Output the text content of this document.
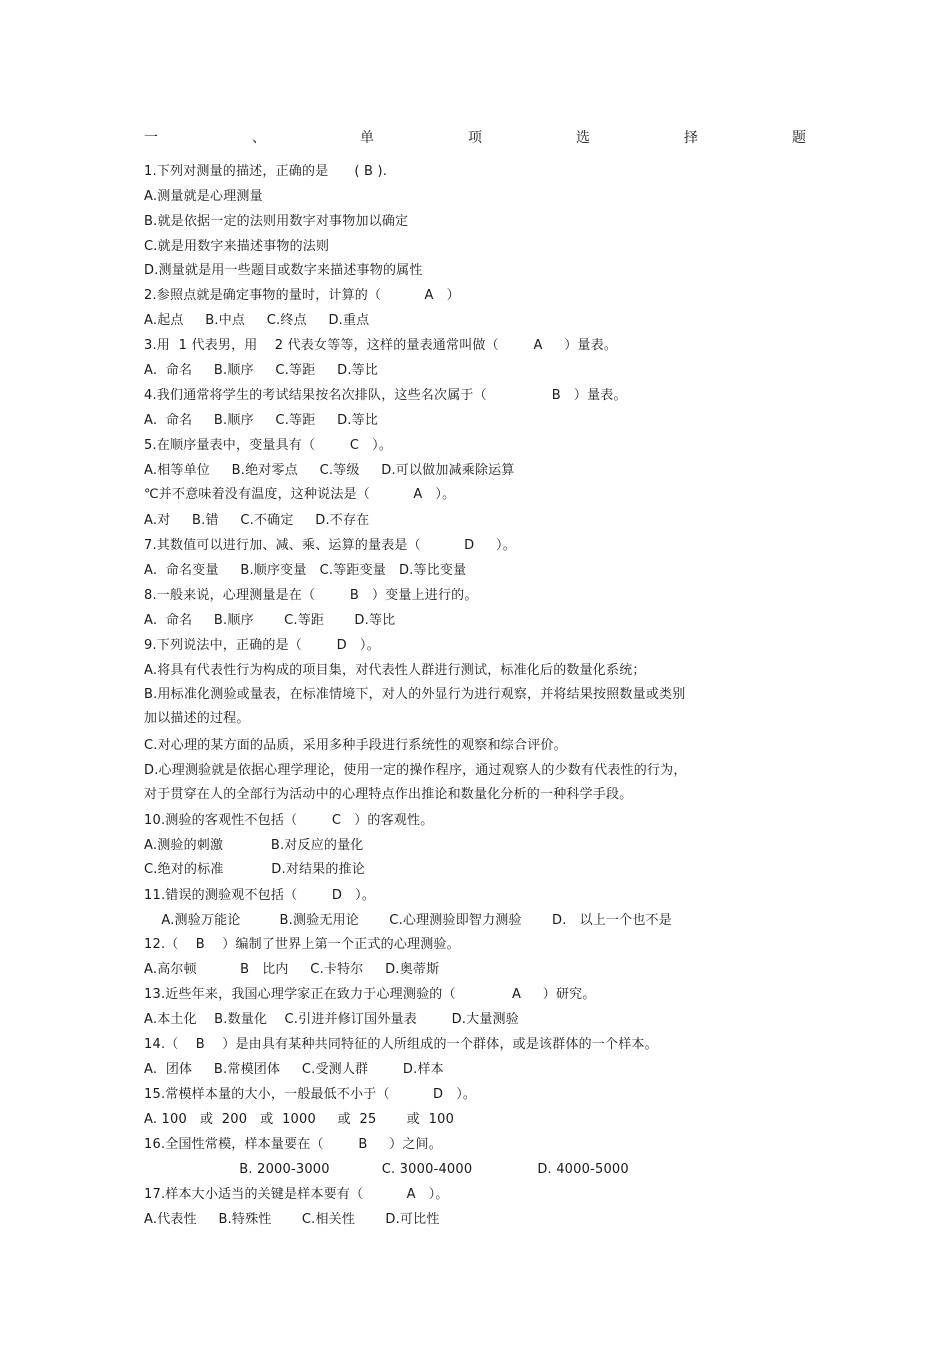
一	、	单	项	选	择	题
1.下列对测量的描述，正确的是      ( B ).
A.测量就是心理测量
B.就是依据一定的法则用数字对事物加以确定
C.就是用数字来描述事物的法则
D.测量就是用一些题目或数字来描述事物的属性
2.参照点就是确定事物的量时，计算的（          A   ）
A.起点     B.中点     C.终点     D.重点
3.用  1 代表男，用    2 代表女等等，这样的量表通常叫做（        A     ）量表。
A.  命名     B.顺序     C.等距     D.等比
4.我们通常将学生的考试结果按名次排队，这些名次属于（               B   ）量表。
A.  命名     B.顺序     C.等距     D.等比
5.在顺序量表中，变量具有（        C   ）。
A.相等单位     B.绝对零点     C.等级     D.可以做加减乘除运算
℃并不意味着没有温度，这种说法是（          A   ）。
A.对     B.错     C.不确定     D.不存在
7.其数值可以进行加、减、乘、运算的量表是（          D     ）。
A.  命名变量     B.顺序变量   C.等距变量   D.等比变量
8.一般来说，心理测量是在（        B   ）变量上进行的。
A.  命名     B.顺序       C.等距       D.等比
9.下列说法中，正确的是（        D   ）。
A.将具有代表性行为构成的项目集，对代表性人群进行测试，标准化后的数量化系统；
B.用标准化测验或量表，在标准情境下，对人的外显行为进行观察，并将结果按照数量或类别
加以描述的过程。
C.对心理的某方面的品质，采用多种手段进行系统性的观察和综合评价。
D.心理测验就是依据心理学理论，使用一定的操作程序，通过观察人的少数有代表性的行为，
对于贯穿在人的全部行为活动中的心理特点作出推论和数量化分析的一种科学手段。
10.测验的客观性不包括（        C   ）的客观性。
A.测验的刺激           B.对反应的量化
C.绝对的标准           D.对结果的推论
11.错误的测验观不包括（        D   ）。
A.测验万能论         B.测验无用论       C.心理测验即智力测验       D.   以上一个也不是
12.（    B    ）编制了世界上第一个正式的心理测验。
A.高尔顿          B   比内     C.卡特尔     D.奥蒂斯
13.近些年来，我国心理学家正在致力于心理测验的（             A     ）研究。
A.本土化    B.数量化    C.引进并修订国外量表        D.大量测验
14.（    B    ）是由具有某种共同特征的人所组成的一个群体，或是该群体的一个样本。
A.  团体     B.常模团体     C.受测人群        D.样本
15.常模样本量的大小，一般最低不小于（          D   ）。
A. 100   或  200   或  1000     或  25       或  100
16.全国性常模，样本量要在（        B     ）之间。
B. 2000-3000            C. 3000-4000               D. 4000-5000
17.样本大小适当的关键是样本要有（          A   ）。
A.代表性     B.特殊性       C.相关性       D.可比性
